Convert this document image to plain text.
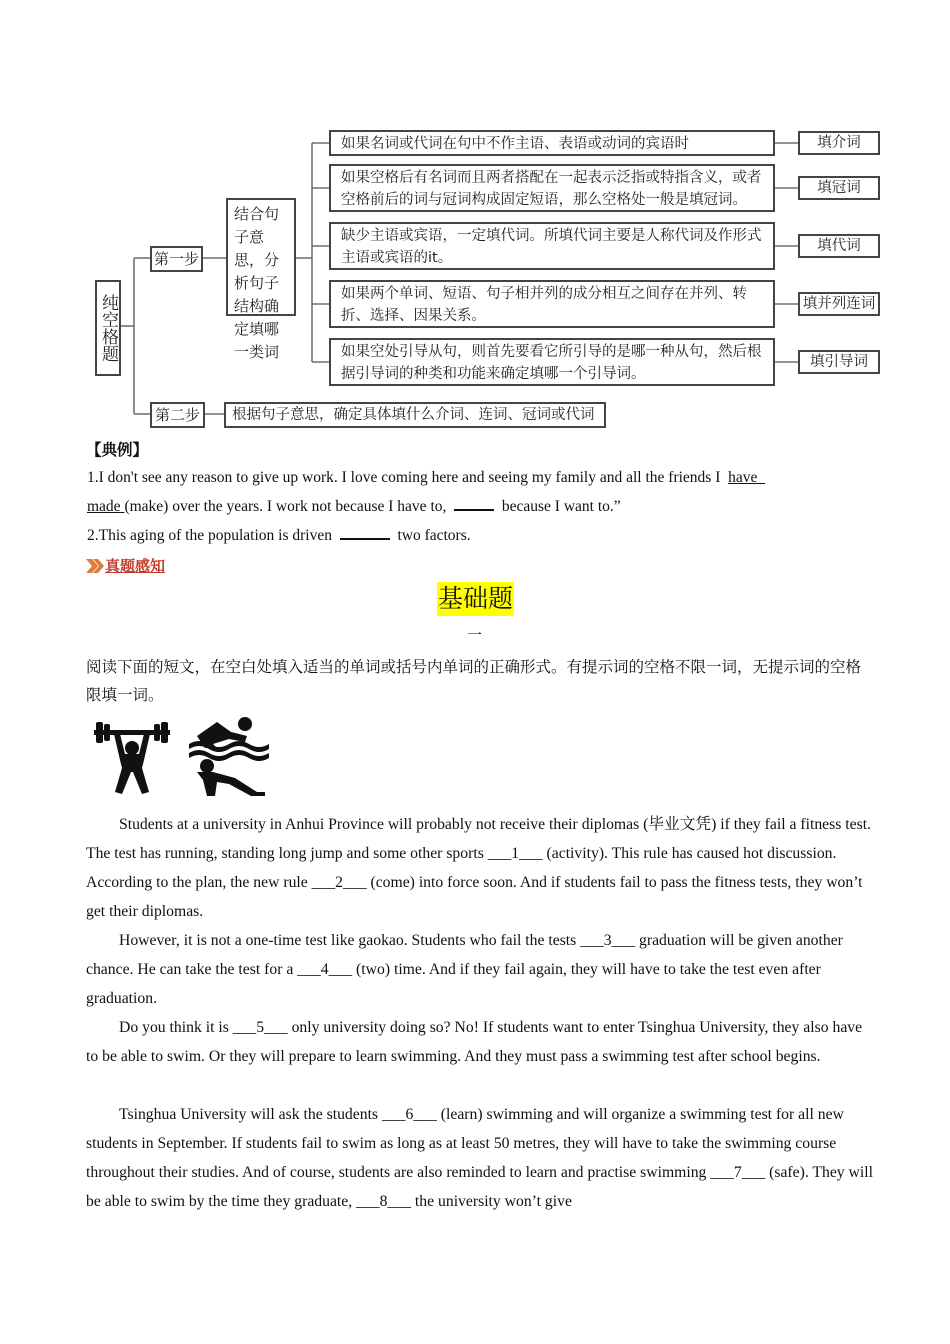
纯空格题
第一步
结合句子意思，分析句子结构确定填哪一类词
如果名词或代词在句中不作主语、表语或动词的宾语时
如果空格后有名词而且两者搭配在一起表示泛指或特指含义，或者空格前后的词与冠词构成固定短语，那么空格处一般是填冠词。
缺少主语或宾语，一定填代词。所填代词主要是人称代词及作形式主语或宾语的it。
如果两个单词、短语、句子相并列的成分相互之间存在并列、转折、选择、因果关系。
如果空处引导从句，则首先要看它所引导的是哪一种从句，然后根据引导词的种类和功能来确定填哪一个引导词。
填介词
填冠词
填代词
填并列连词
填引导词
第二步	根据句子意思，确定具体填什么介词、连词、冠词或代词
【典例】
1.I don't see any reason to give up work. I love coming here and seeing my family and all the friends I have
made (make) over the years. I work not because I have to,	because I want to.”
2.This aging of the population is driven	two factors.
真题感知
基础题
一
阅读下面的短文，在空白处填入适当的单词或括号内单词的正确形式。有提示词的空格不限一词，无提示词的空格限填一词。

Students at a university in Anhui Province will probably not receive their diplomas (毕业文凭) if they fail a fitness test. The test has running, standing long jump and some other sports ___1___ (activity). This rule has caused hot discussion. According to the plan, the new rule ___2___ (come) into force soon. And if students fail to pass the fitness tests, they won’t get their diplomas.

However, it is not a one-time test like gaokao. Students who fail the tests ___3___ graduation will be given another chance. He can take the test for a ___4___ (two) time. And if they fail again, they will have to take the test even after graduation.

Do you think it is ___5___ only university doing so? No! If students want to enter Tsinghua University, they also have to be able to swim. Or they will prepare to learn swimming. And they must pass a swimming test after school begins.

Tsinghua University will ask the students ___6___ (learn) swimming and will organize a swimming test for all new students in September. If students fail to swim as long as at least 50 metres, they will have to take the swimming course throughout their studies. And of course, students are also reminded to learn and practise swimming ___7___ (safe). They will be able to swim by the time they graduate, ___8___ the university won’t give
